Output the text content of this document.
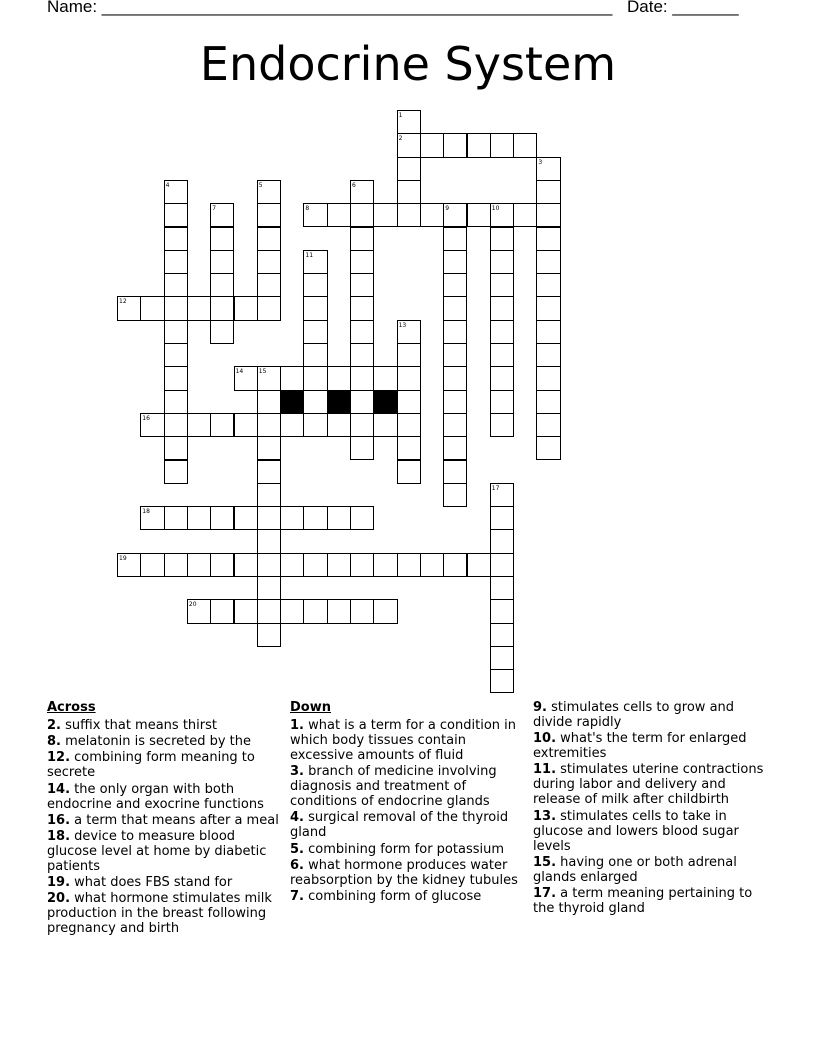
Name: ______________________________________________________ Date: _______
Endocrine System
1
2
3
4	5	6
7	8	9	10
11
12
13
14	15
16
17
18
19
20
Across
2. suffix that means thirst
8. melatonin is secreted by the
12. combining form meaning to secrete
14. the only organ with both endocrine and exocrine functions
16. a term that means after a meal
18. device to measure blood glucose level at home by diabetic patients
19. what does FBS stand for
20. what hormone stimulates milk production in the breast following pregnancy and birth
Down
1. what is a term for a condition in which body tissues contain excessive amounts of fluid
3. branch of medicine involving diagnosis and treatment of conditions of endocrine glands
4. surgical removal of the thyroid gland
5. combining form for potassium
6. what hormone produces water reabsorption by the kidney tubules
7. combining form of glucose
9. stimulates cells to grow and divide rapidly
10. what's the term for enlarged extremities
11. stimulates uterine contractions during labor and delivery and release of milk after childbirth
13. stimulates cells to take in glucose and lowers blood sugar levels
15. having one or both adrenal glands enlarged
17. a term meaning pertaining to the thyroid gland
